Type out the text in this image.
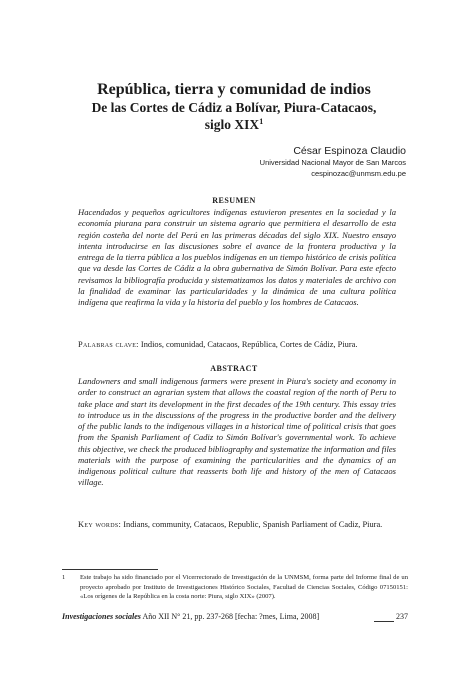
República, tierra y comunidad de indios
De las Cortes de Cádiz a Bolívar, Piura-Catacaos,
siglo XIX$^1$
César Espinoza Claudio
Universidad Nacional Mayor de San Marcos
cespinozac@unmsm.edu.pe
RESUMEN
Hacendados y pequeños agricultores indígenas estuvieron presentes en la sociedad y la economía piurana para construir un sistema agrario que permitiera el desarrollo de esta región costeña del norte del Perú en las primeras décadas del siglo XIX. Nuestro ensayo intenta introducirse en las discusiones sobre el avance de la frontera productiva y la entrega de la tierra pública a los pueblos indígenas en un tiempo histórico de crisis política que va desde las Cortes de Cádiz a la obra gubernativa de Simón Bolívar. Para este efecto revisamos la bibliografía producida y sistematizamos los datos y materiales de archivo con la finalidad de examinar las particularidades y la dinámica de una cultura política indígena que reafirma la vida y la historia del pueblo y los hombres de Catacaos.
Palabras clave: Indios, comunidad, Catacaos, República, Cortes de Cádiz, Piura.
ABSTRACT
Landowners and small indigenous farmers were present in Piura's society and economy in order to construct an agrarian system that allows the coastal region of the north of Peru to take place and start its development in the first decades of the 19th century. This essay tries to introduce us in the discussions of the progress in the productive border and the delivery of the public lands to the indigenous villages in a historical time of political crisis that goes from the Spanish Parliament of Cadiz to Simón Bolívar's governmental work. To achieve this objective, we check the produced bibliography and systematize the information and files materials with the purpose of examining the particularities and the dynamics of an indigenous political culture that reasserts both life and history of the men of Catacaos village.
Key words: Indians, community, Catacaos, Republic, Spanish Parliament of Cadiz, Piura.
1 Este trabajo ha sido financiado por el Vicerrectorado de Investigación de la UNMSM, forma parte del Informe final de un proyecto aprobado por Instituto de Investigaciones Histórico Sociales, Facultad de Ciencias Sociales, Código 07150151: «Los orígenes de la República en la costa norte: Piura, siglo XIX» (2007).
Investigaciones sociales Año XII N° 21, pp. 237-268 [fecha: ?mes, Lima, 2008]	237
